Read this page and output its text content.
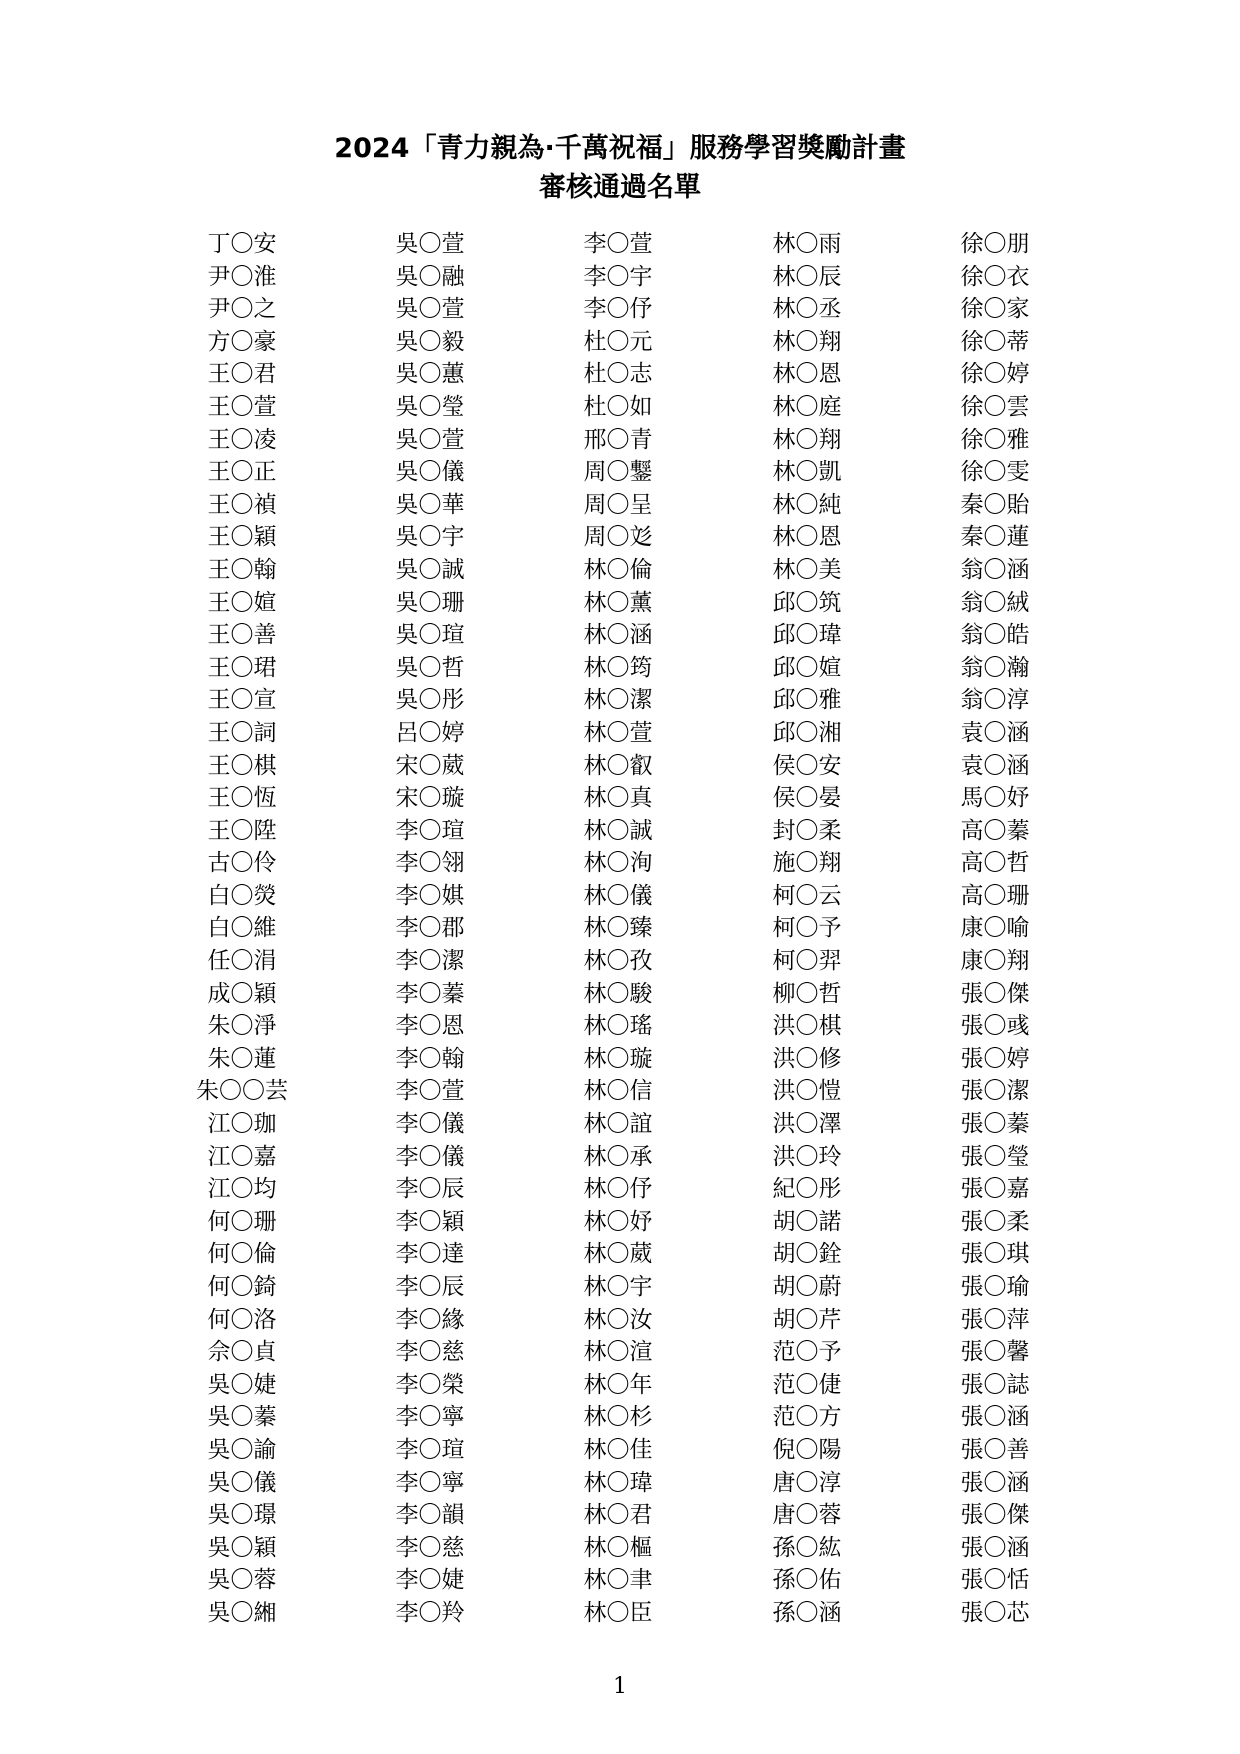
2024「青力親為·千萬祝福」服務學習獎勵計畫
審核通過名單
丁〇安
尹〇淮
尹〇之
方〇豪
王〇君
王〇萱
王〇凌
王〇正
王〇禎
王〇穎
王〇翰
王〇媗
王〇善
王〇珺
王〇宣
王〇詞
王〇棋
王〇恆
王〇陞
古〇伶
白〇熒
白〇維
任〇涓
成〇穎
朱〇淨
朱〇蓮
朱〇〇芸
江〇珈
江〇嘉
江〇均
何〇珊
何〇倫
何〇錡
何〇洛
佘〇貞
吳〇婕
吳〇蓁
吳〇諭
吳〇儀
吳〇璟
吳〇穎
吳〇蓉
吳〇緗
吳〇萱
吳〇融
吳〇萱
吳〇毅
吳〇蕙
吳〇瑩
吳〇萱
吳〇儀
吳〇華
吳〇宇
吳〇誠
吳〇珊
吳〇瑄
吳〇哲
吳〇彤
呂〇婷
宋〇葳
宋〇璇
李〇瑄
李〇翎
李〇娸
李〇郡
李〇潔
李〇蓁
李〇恩
李〇翰
李〇萱
李〇儀
李〇儀
李〇辰
李〇穎
李〇達
李〇辰
李〇緣
李〇慈
李〇榮
李〇寧
李〇瑄
李〇寧
李〇韻
李〇慈
李〇婕
李〇羚
李〇萱
李〇宇
李〇伃
杜〇元
杜〇志
杜〇如
邢〇青
周〇鑋
周〇呈
周〇彣
林〇倫
林〇薰
林〇涵
林〇筠
林〇潔
林〇萱
林〇叡
林〇真
林〇誠
林〇洵
林〇儀
林〇臻
林〇孜
林〇駿
林〇瑤
林〇璇
林〇信
林〇誼
林〇承
林〇伃
林〇妤
林〇葳
林〇宇
林〇汝
林〇渲
林〇年
林〇杉
林〇佳
林〇瑋
林〇君
林〇樞
林〇聿
林〇臣
林〇雨
林〇辰
林〇丞
林〇翔
林〇恩
林〇庭
林〇翔
林〇凱
林〇純
林〇恩
林〇美
邱〇筑
邱〇瑋
邱〇媗
邱〇雅
邱〇湘
侯〇安
侯〇晏
封〇柔
施〇翔
柯〇云
柯〇予
柯〇羿
柳〇哲
洪〇棋
洪〇修
洪〇愷
洪〇澤
洪〇玲
紀〇彤
胡〇諾
胡〇銓
胡〇蔚
胡〇芹
范〇予
范〇倢
范〇方
倪〇陽
唐〇淳
唐〇蓉
孫〇紘
孫〇佑
孫〇涵
徐〇朋
徐〇衣
徐〇家
徐〇蒂
徐〇婷
徐〇雲
徐〇雅
徐〇雯
秦〇貽
秦〇蓮
翁〇涵
翁〇絨
翁〇皓
翁〇瀚
翁〇淳
袁〇涵
袁〇涵
馬〇妤
高〇蓁
高〇哲
高〇珊
康〇喻
康〇翔
張〇傑
張〇彧
張〇婷
張〇潔
張〇蓁
張〇瑩
張〇嘉
張〇柔
張〇琪
張〇瑜
張〇萍
張〇馨
張〇誌
張〇涵
張〇善
張〇涵
張〇傑
張〇涵
張〇恬
張〇芯
1
